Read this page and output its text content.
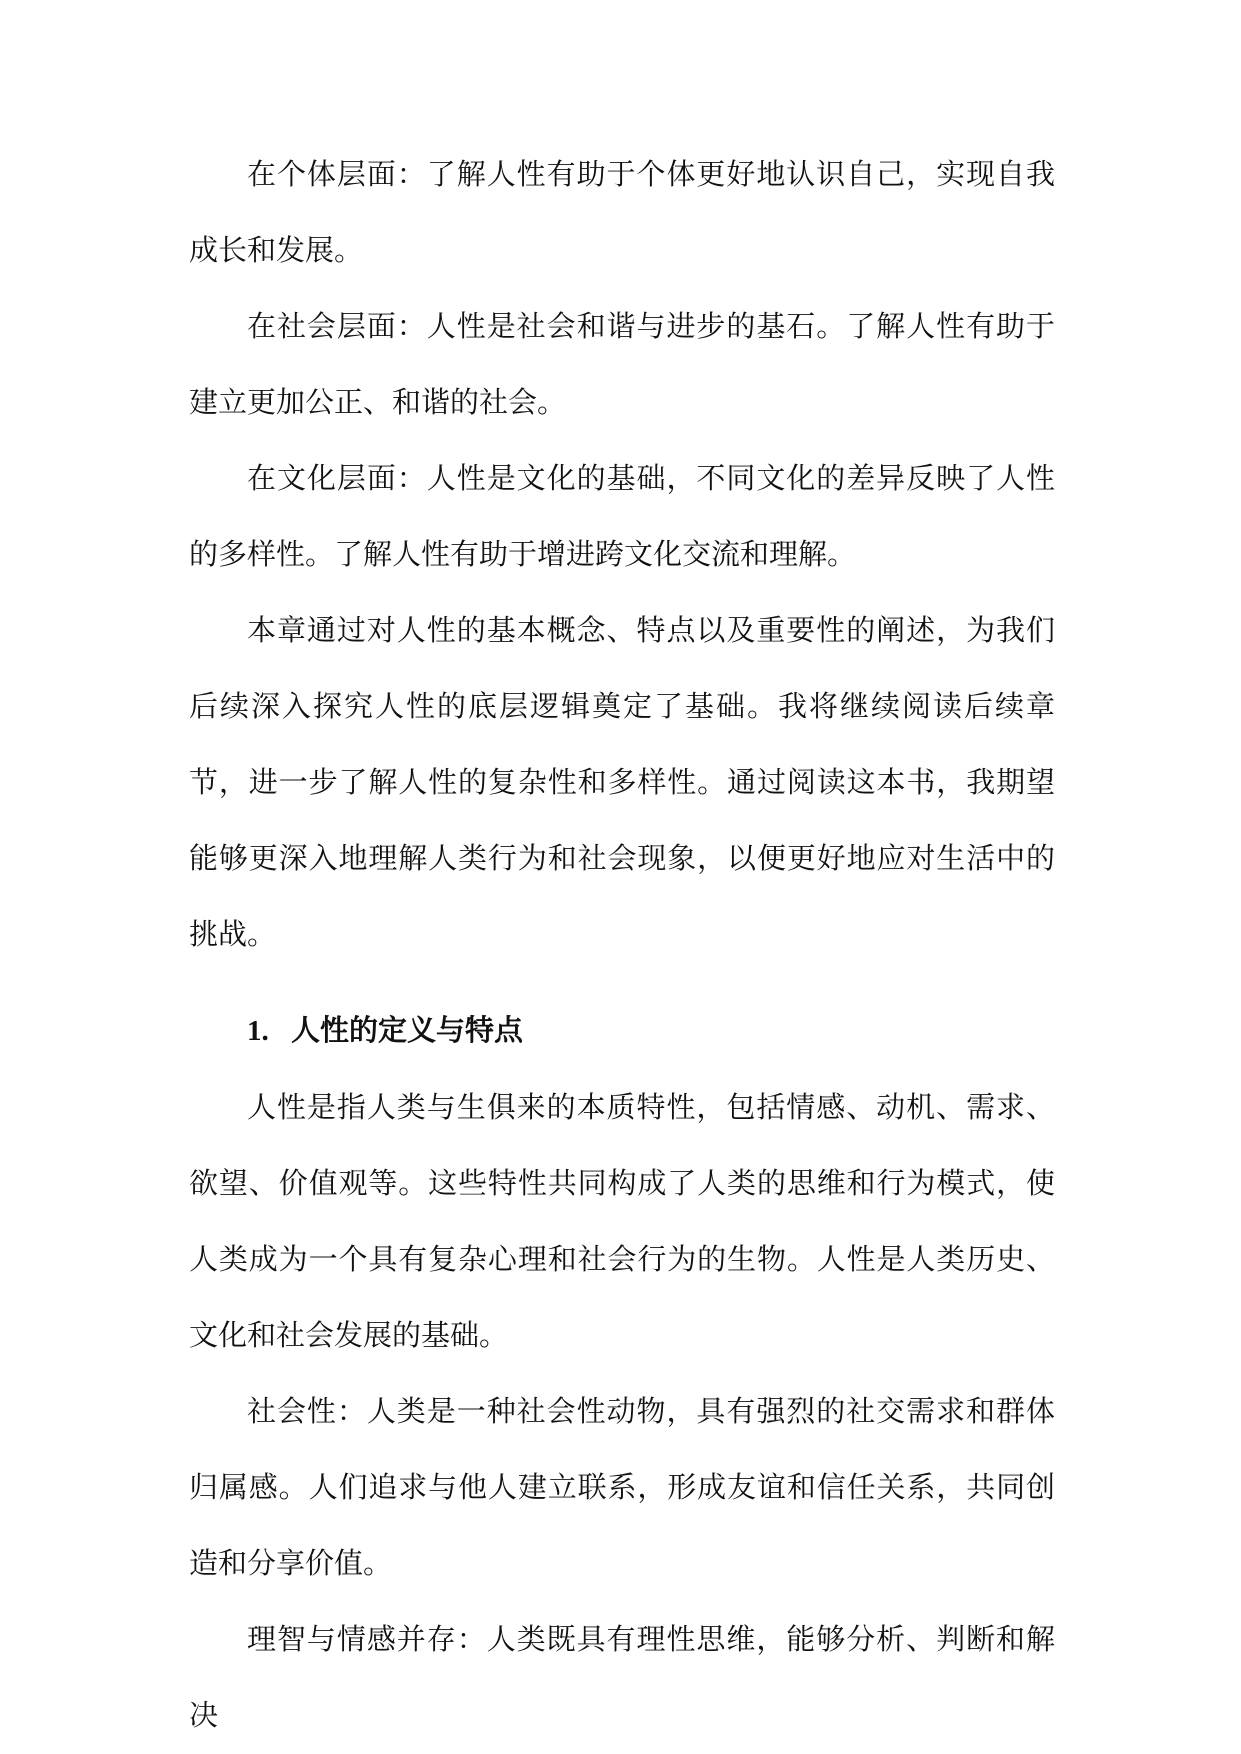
在个体层面：了解人性有助于个体更好地认识自己，实现自我成长和发展。

在社会层面：人性是社会和谐与进步的基石。了解人性有助于建立更加公正、和谐的社会。

在文化层面：人性是文化的基础，不同文化的差异反映了人性的多样性。了解人性有助于增进跨文化交流和理解。

本章通过对人性的基本概念、特点以及重要性的阐述，为我们后续深入探究人性的底层逻辑奠定了基础。我将继续阅读后续章节，进一步了解人性的复杂性和多样性。通过阅读这本书，我期望能够更深入地理解人类行为和社会现象，以便更好地应对生活中的挑战。

1. 人性的定义与特点

人性是指人类与生俱来的本质特性，包括情感、动机、需求、欲望、价值观等。这些特性共同构成了人类的思维和行为模式，使人类成为一个具有复杂心理和社会行为的生物。人性是人类历史、文化和社会发展的基础。

社会性：人类是一种社会性动物，具有强烈的社交需求和群体归属感。人们追求与他人建立联系，形成友谊和信任关系，共同创造和分享价值。

理智与情感并存：人类既具有理性思维，能够分析、判断和解决
